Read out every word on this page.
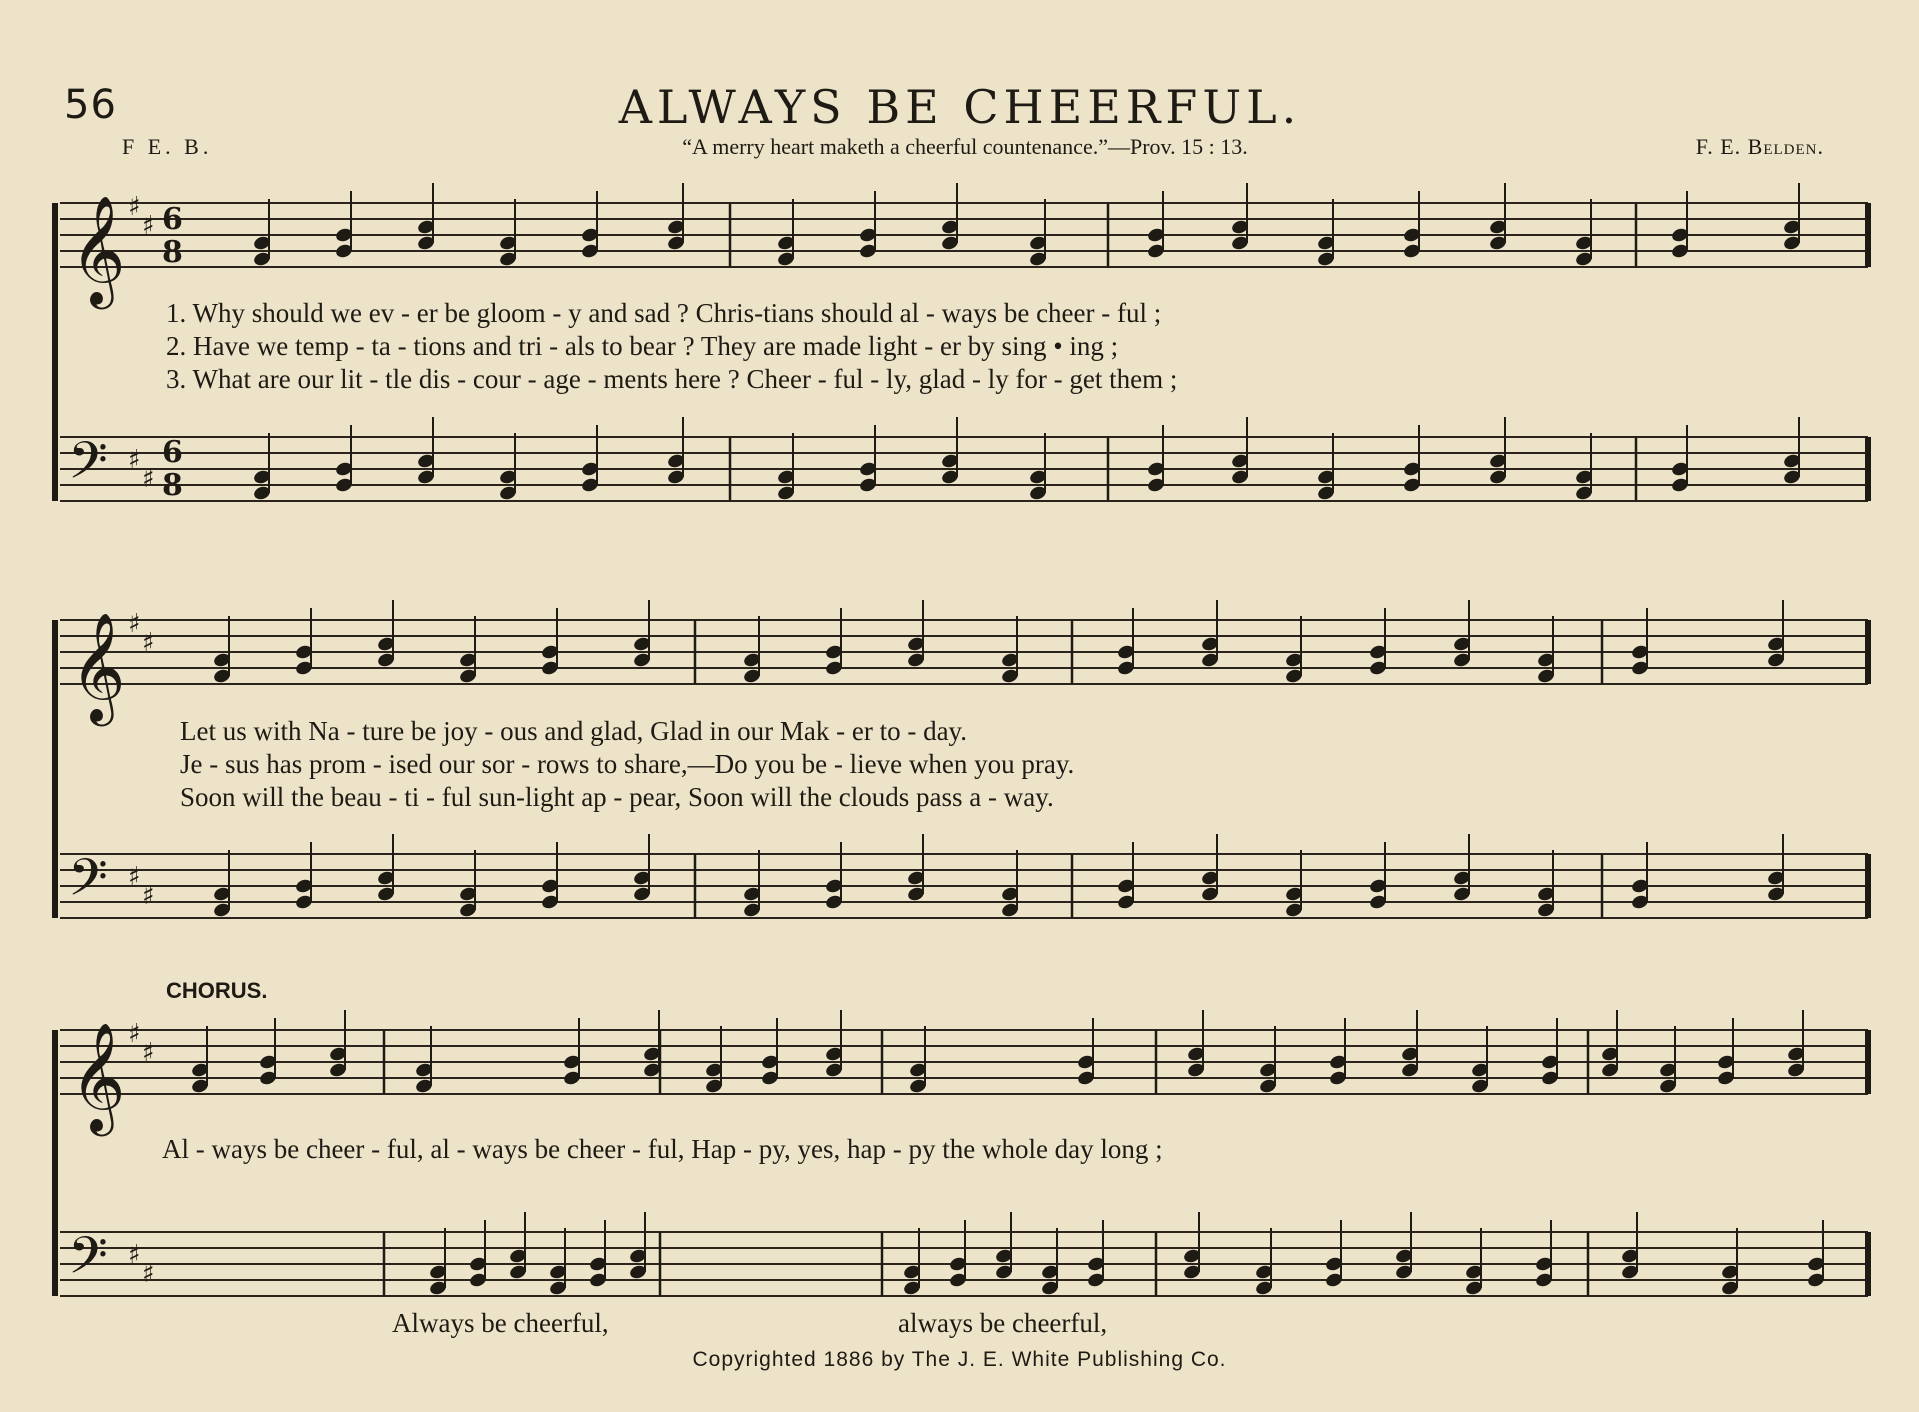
𝄞 ♯
♯ 6
8
𝄢 ♯
♯
6
8
𝄞 ♯
♯
𝄢 ♯
♯
𝄞 ♯
♯
𝄢 ♯
♯
56	ALWAYS BE CHEERFUL.
F E. B.	“A merry heart maketh a cheerful countenance.”—Prov. 15 : 13.	F. E. Belden.
1. Why should we ev - er be gloom - y and sad ? Chris-tians should al - ways be cheer - ful ;
2. Have we temp - ta - tions and tri - als to bear ? They are made light - er by sing • ing ;
3. What are our lit - tle dis - cour - age - ments here ? Cheer - ful - ly, glad - ly for - get them ;
Let us with Na - ture be joy - ous and glad, Glad in our Mak - er to - day.
Je - sus has prom - ised our sor - rows to share,—Do you be - lieve when you pray.
Soon will the beau - ti - ful sun-light ap - pear, Soon will the clouds pass a - way.
CHORUS.
Al - ways be cheer - ful, al - ways be cheer - ful, Hap - py, yes, hap - py the whole day long ;
Always be cheerful,	always be cheerful,
Copyrighted 1886 by The J. E. White Publishing Co.
